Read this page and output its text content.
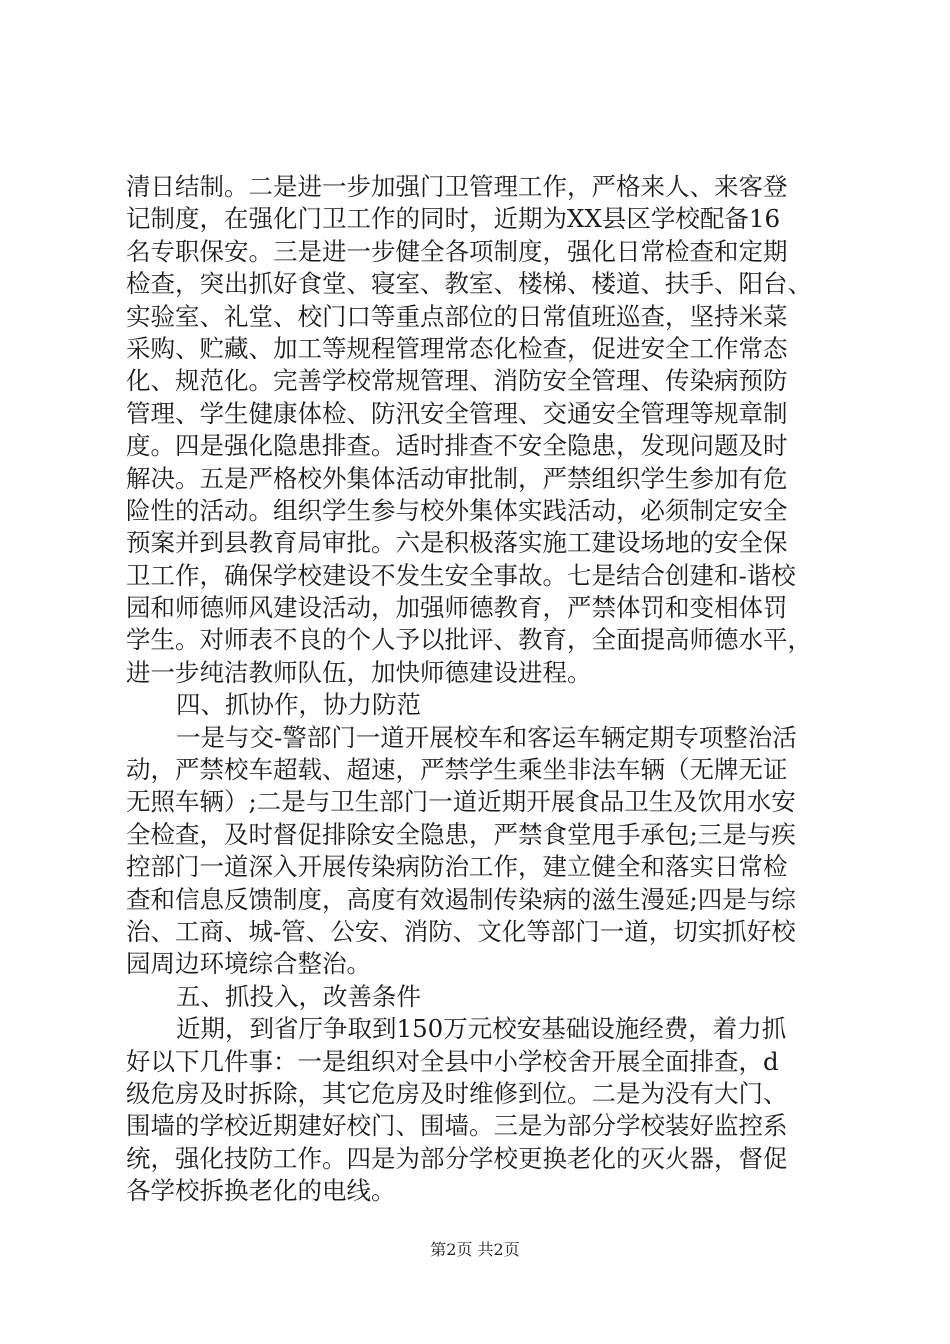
清日结制。二是进一步加强门卫管理工作，严格来人、来客登
记制度，在强化门卫工作的同时，近期为XX县区学校配备16
名专职保安。三是进一步健全各项制度，强化日常检查和定期
检查，突出抓好食堂、寝室、教室、楼梯、楼道、扶手、阳台、
实验室、礼堂、校门口等重点部位的日常值班巡查，坚持米菜
采购、贮藏、加工等规程管理常态化检查，促进安全工作常态
化、规范化。完善学校常规管理、消防安全管理、传染病预防
管理、学生健康体检、防汛安全管理、交通安全管理等规章制
度。四是强化隐患排查。适时排查不安全隐患，发现问题及时
解决。五是严格校外集体活动审批制，严禁组织学生参加有危
险性的活动。组织学生参与校外集体实践活动，必须制定安全
预案并到县教育局审批。六是积极落实施工建设场地的安全保
卫工作，确保学校建设不发生安全事故。七是结合创建和-谐校
园和师德师风建设活动，加强师德教育，严禁体罚和变相体罚
学生。对师表不良的个人予以批评、教育，全面提高师德水平，
进一步纯洁教师队伍，加快师德建设进程。
四、抓协作，协力防范
一是与交-警部门一道开展校车和客运车辆定期专项整治活
动，严禁校车超载、超速，严禁学生乘坐非法车辆（无牌无证
无照车辆）;二是与卫生部门一道近期开展食品卫生及饮用水安
全检查，及时督促排除安全隐患，严禁食堂甩手承包;三是与疾
控部门一道深入开展传染病防治工作，建立健全和落实日常检
查和信息反馈制度，高度有效遏制传染病的滋生漫延;四是与综
治、工商、城-管、公安、消防、文化等部门一道，切实抓好校
园周边环境综合整治。
五、抓投入，改善条件
近期，到省厅争取到150万元校安基础设施经费，着力抓
好以下几件事：一是组织对全县中小学校舍开展全面排查，d
级危房及时拆除，其它危房及时维修到位。二是为没有大门、
围墙的学校近期建好校门、围墙。三是为部分学校装好监控系
统，强化技防工作。四是为部分学校更换老化的灭火器，督促
各学校拆换老化的电线。
第2页 共2页
